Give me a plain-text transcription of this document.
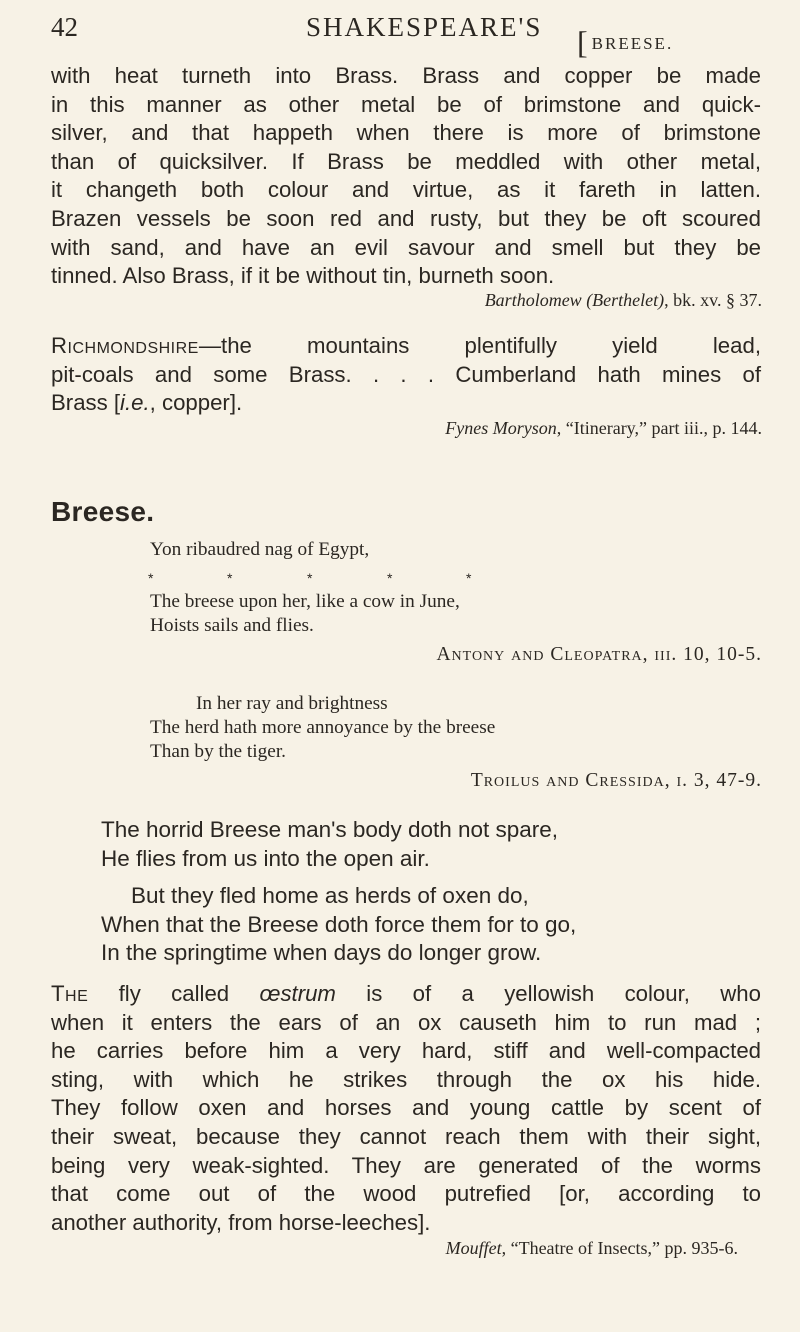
42	SHAKESPEARE'S [ BREESE.
with heat turneth into Brass. Brass and copper be made
in this manner as other metal be of brimstone and quick-
silver, and that happeth when there is more of brimstone
than of quicksilver. If Brass be meddled with other metal,
it changeth both colour and virtue, as it fareth in latten.
Brazen vessels be soon red and rusty, but they be oft scoured
with sand, and have an evil savour and smell but they be
tinned. Also Brass, if it be without tin, burneth soon.
Bartholomew (Berthelet), bk. xv. § 37.
Richmondshire—the mountains plentifully yield lead,
pit-coals and some Brass. . . . Cumberland hath mines of
Brass [i.e., copper].
Fynes Moryson, “Itinerary,” part iii., p. 144.
Breese.
Yon ribaudred nag of Egypt,
*	*	*	*	*
The breese upon her, like a cow in June,
Hoists sails and flies.
Antony and Cleopatra, iii. 10, 10-5.
In her ray and brightness
The herd hath more annoyance by the breese
Than by the tiger.
Troilus and Cressida, i. 3, 47-9.
The horrid Breese man's body doth not spare,
He flies from us into the open air.
But they fled home as herds of oxen do,
When that the Breese doth force them for to go,
In the springtime when days do longer grow.
The fly called œstrum is of a yellowish colour, who
when it enters the ears of an ox causeth him to run mad ;
he carries before him a very hard, stiff and well-compacted
sting, with which he strikes through the ox his hide.
They follow oxen and horses and young cattle by scent of
their sweat, because they cannot reach them with their sight,
being very weak-sighted. They are generated of the worms
that come out of the wood putrefied [or, according to
another authority, from horse-leeches].
Mouffet, “Theatre of Insects,” pp. 935-6.
